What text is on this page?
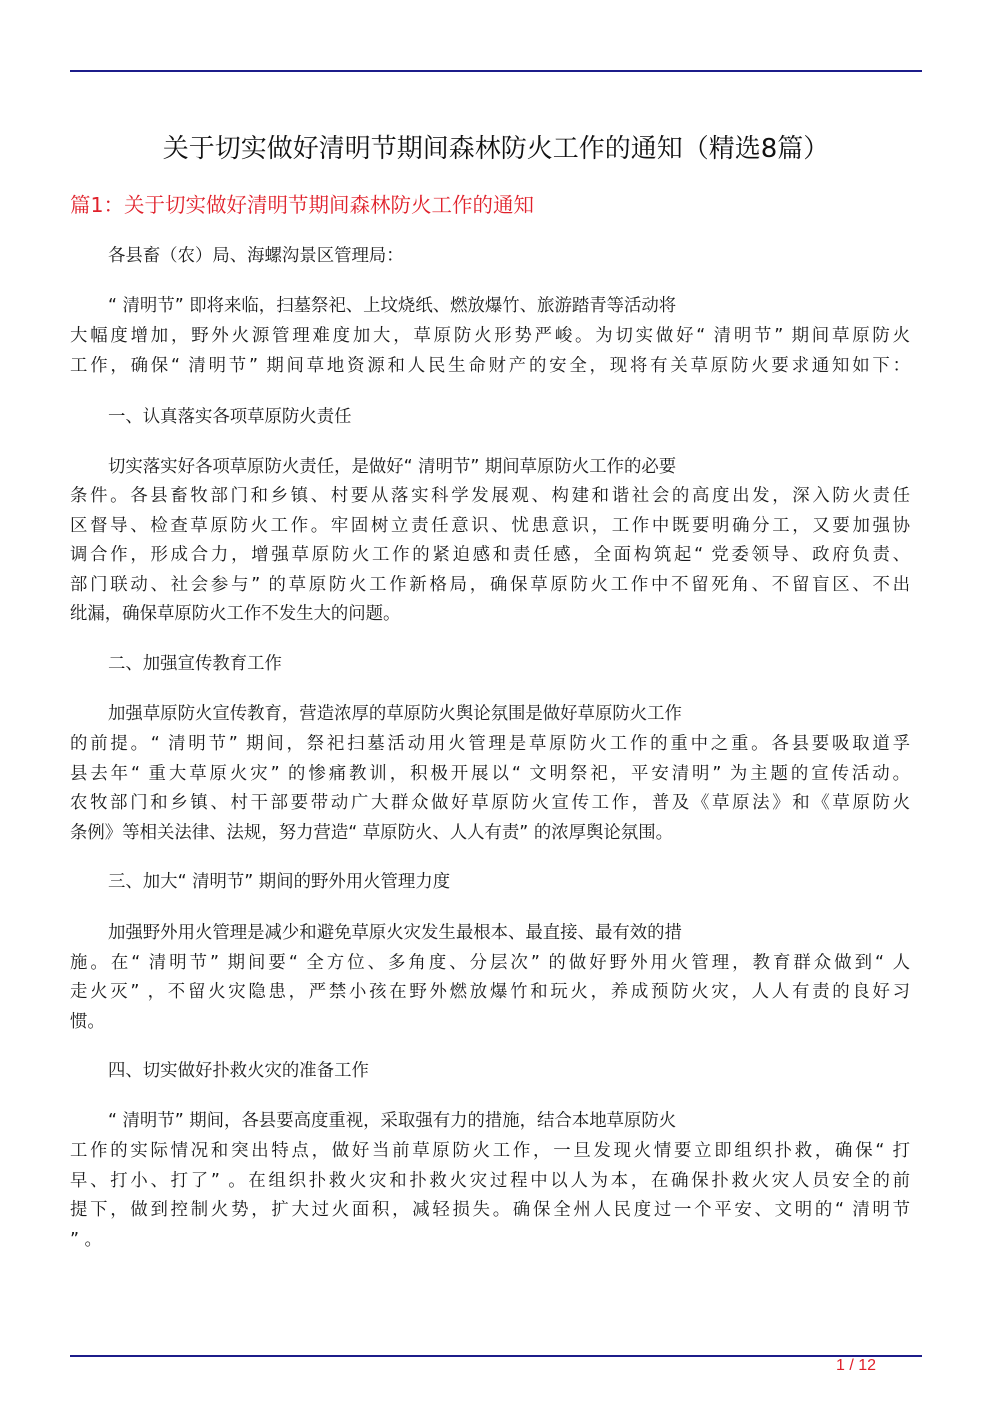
关于切实做好清明节期间森林防火工作的通知（精选8篇）
篇1：关于切实做好清明节期间森林防火工作的通知

各县畜（农）局、海螺沟景区管理局：

“ 清明节” 即将来临，扫墓祭祀、上坟烧纸、燃放爆竹、旅游踏青等活动将

大幅度增加，野外火源管理难度加大，草原防火形势严峻。为切实做好“ 清明节” 期间草原防火

工作，确保“ 清明节” 期间草地资源和人民生命财产的安全，现将有关草原防火要求通知如下：

一、认真落实各项草原防火责任

切实落实好各项草原防火责任，是做好“ 清明节” 期间草原防火工作的必要

条件。各县畜牧部门和乡镇、村要从落实科学发展观、构建和谐社会的高度出发，深入防火责任

区督导、检查草原防火工作。牢固树立责任意识、忧患意识，工作中既要明确分工，又要加强协

调合作，形成合力，增强草原防火工作的紧迫感和责任感，全面构筑起“ 党委领导、政府负责、

部门联动、社会参与” 的草原防火工作新格局，确保草原防火工作中不留死角、不留盲区、不出

纰漏，确保草原防火工作不发生大的问题。

二、加强宣传教育工作

加强草原防火宣传教育，营造浓厚的草原防火舆论氛围是做好草原防火工作

的前提。“ 清明节” 期间，祭祀扫墓活动用火管理是草原防火工作的重中之重。各县要吸取道孚

县去年“ 重大草原火灾” 的惨痛教训，积极开展以“ 文明祭祀，平安清明” 为主题的宣传活动。

农牧部门和乡镇、村干部要带动广大群众做好草原防火宣传工作，普及《草原法》和《草原防火

条例》等相关法律、法规，努力营造“ 草原防火、人人有责” 的浓厚舆论氛围。

三、加大“ 清明节” 期间的野外用火管理力度

加强野外用火管理是减少和避免草原火灾发生最根本、最直接、最有效的措

施。在“ 清明节” 期间要“ 全方位、多角度、分层次” 的做好野外用火管理，教育群众做到“ 人

走火灭” ，不留火灾隐患，严禁小孩在野外燃放爆竹和玩火，养成预防火灾，人人有责的良好习

惯。

四、切实做好扑救火灾的准备工作

“ 清明节” 期间，各县要高度重视，采取强有力的措施，结合本地草原防火

工作的实际情况和突出特点，做好当前草原防火工作，一旦发现火情要立即组织扑救，确保“ 打

早、打小、打了” 。在组织扑救火灾和扑救火灾过程中以人为本，在确保扑救火灾人员安全的前

提下，做到控制火势，扩大过火面积，减轻损失。确保全州人民度过一个平安、文明的“ 清明节

” 。

1 / 12
